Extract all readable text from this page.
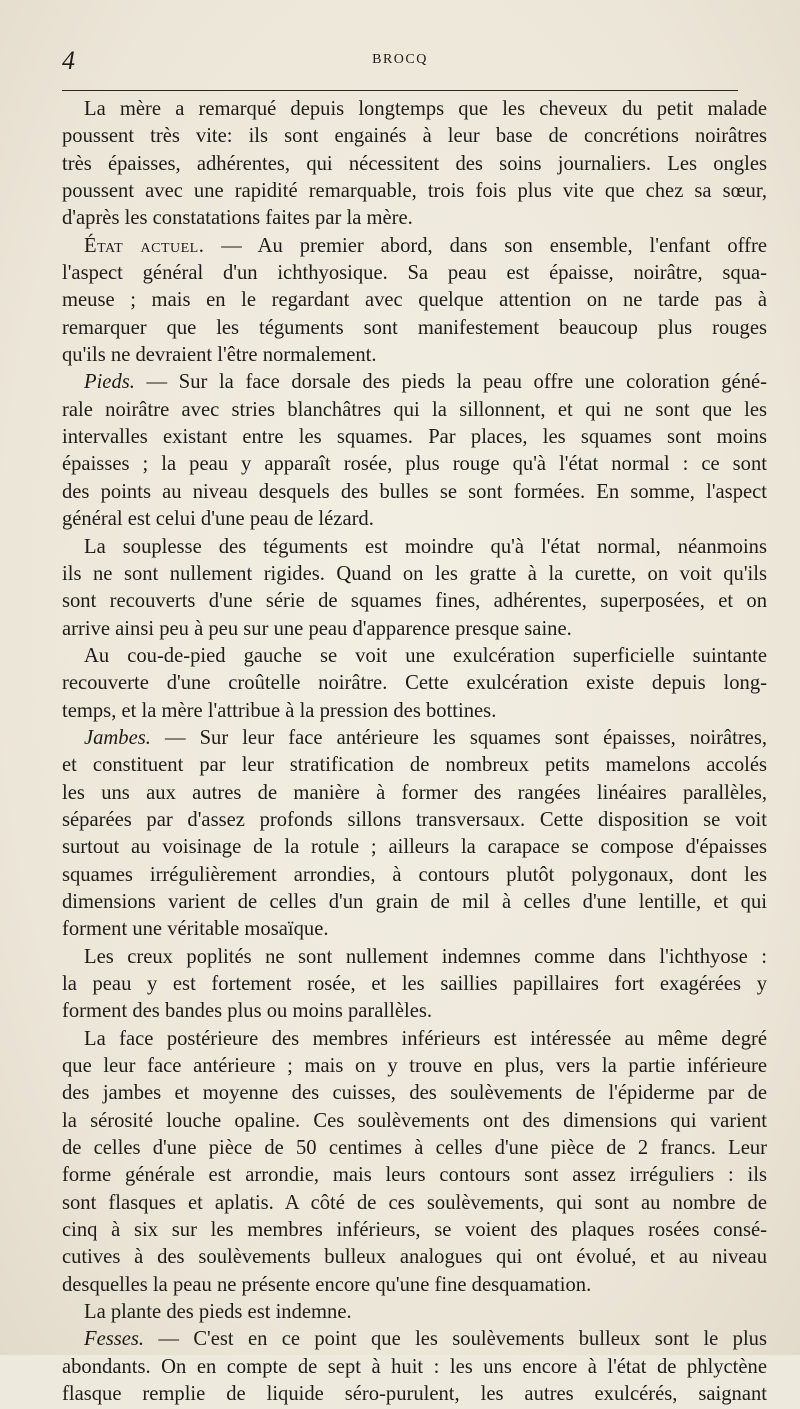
4	BROCQ
La mère a remarqué depuis longtemps que les cheveux du petit malade
poussent très vite: ils sont engainés à leur base de concrétions noirâtres
très épaisses, adhérentes, qui nécessitent des soins journaliers. Les ongles
poussent avec une rapidité remarquable, trois fois plus vite que chez sa sœur,
d'après les constatations faites par la mère.
État actuel. — Au premier abord, dans son ensemble, l'enfant offre
l'aspect général d'un ichthyosique. Sa peau est épaisse, noirâtre, squa-
meuse ; mais en le regardant avec quelque attention on ne tarde pas à
remarquer que les téguments sont manifestement beaucoup plus rouges
qu'ils ne devraient l'être normalement.
Pieds. — Sur la face dorsale des pieds la peau offre une coloration géné-
rale noirâtre avec stries blanchâtres qui la sillonnent, et qui ne sont que les
intervalles existant entre les squames. Par places, les squames sont moins
épaisses ; la peau y apparaît rosée, plus rouge qu'à l'état normal : ce sont
des points au niveau desquels des bulles se sont formées. En somme, l'aspect
général est celui d'une peau de lézard.
La souplesse des téguments est moindre qu'à l'état normal, néanmoins
ils ne sont nullement rigides. Quand on les gratte à la curette, on voit qu'ils
sont recouverts d'une série de squames fines, adhérentes, superposées, et on
arrive ainsi peu à peu sur une peau d'apparence presque saine.
Au cou-de-pied gauche se voit une exulcération superficielle suintante
recouverte d'une croûtelle noirâtre. Cette exulcération existe depuis long-
temps, et la mère l'attribue à la pression des bottines.
Jambes. — Sur leur face antérieure les squames sont épaisses, noirâtres,
et constituent par leur stratification de nombreux petits mamelons accolés
les uns aux autres de manière à former des rangées linéaires parallèles,
séparées par d'assez profonds sillons transversaux. Cette disposition se voit
surtout au voisinage de la rotule ; ailleurs la carapace se compose d'épaisses
squames irrégulièrement arrondies, à contours plutôt polygonaux, dont les
dimensions varient de celles d'un grain de mil à celles d'une lentille, et qui
forment une véritable mosaïque.
Les creux poplités ne sont nullement indemnes comme dans l'ichthyose :
la peau y est fortement rosée, et les saillies papillaires fort exagérées y
forment des bandes plus ou moins parallèles.
La face postérieure des membres inférieurs est intéressée au même degré
que leur face antérieure ; mais on y trouve en plus, vers la partie inférieure
des jambes et moyenne des cuisses, des soulèvements de l'épiderme par de
la sérosité louche opaline. Ces soulèvements ont des dimensions qui varient
de celles d'une pièce de 50 centimes à celles d'une pièce de 2 francs. Leur
forme générale est arrondie, mais leurs contours sont assez irréguliers : ils
sont flasques et aplatis. A côté de ces soulèvements, qui sont au nombre de
cinq à six sur les membres inférieurs, se voient des plaques rosées consé-
cutives à des soulèvements bulleux analogues qui ont évolué, et au niveau
desquelles la peau ne présente encore qu'une fine desquamation.
La plante des pieds est indemne.
Fesses. — C'est en ce point que les soulèvements bulleux sont le plus
abondants. On en compte de sept à huit : les uns encore à l'état de phlyctène
flasque remplie de liquide séro-purulent, les autres exulcérés, saignant
